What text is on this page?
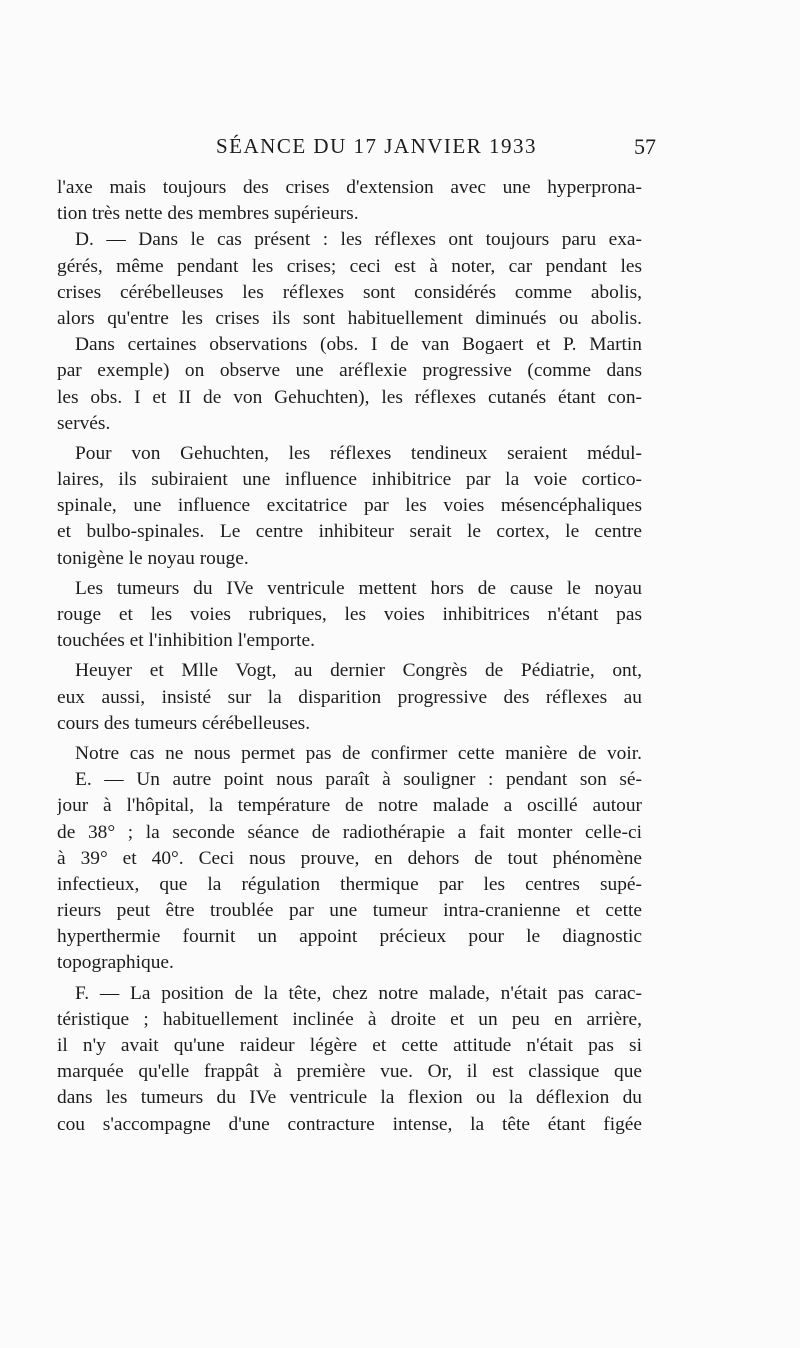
SÉANCE DU 17 JANVIER 1933	57
l'axe mais toujours des crises d'extension avec une hyperprona-
tion très nette des membres supérieurs.
D. — Dans le cas présent : les réflexes ont toujours paru exa-
gérés, même pendant les crises; ceci est à noter, car pendant les
crises cérébelleuses les réflexes sont considérés comme abolis,
alors qu'entre les crises ils sont habituellement diminués ou abolis.
Dans certaines observations (obs. I de van Bogaert et P. Martin
par exemple) on observe une aréflexie progressive (comme dans
les obs. I et II de von Gehuchten), les réflexes cutanés étant con-
servés.
Pour von Gehuchten, les réflexes tendineux seraient médul-
laires, ils subiraient une influence inhibitrice par la voie cortico-
spinale, une influence excitatrice par les voies mésencéphaliques
et bulbo-spinales. Le centre inhibiteur serait le cortex, le centre
tonigène le noyau rouge.
Les tumeurs du IVe ventricule mettent hors de cause le noyau
rouge et les voies rubriques, les voies inhibitrices n'étant pas
touchées et l'inhibition l'emporte.
Heuyer et Mlle Vogt, au dernier Congrès de Pédiatrie, ont,
eux aussi, insisté sur la disparition progressive des réflexes au
cours des tumeurs cérébelleuses.
Notre cas ne nous permet pas de confirmer cette manière de voir.
E. — Un autre point nous paraît à souligner : pendant son sé-
jour à l'hôpital, la température de notre malade a oscillé autour
de 38° ; la seconde séance de radiothérapie a fait monter celle-ci
à 39° et 40°. Ceci nous prouve, en dehors de tout phénomène
infectieux, que la régulation thermique par les centres supé-
rieurs peut être troublée par une tumeur intra-cranienne et cette
hyperthermie fournit un appoint précieux pour le diagnostic
topographique.
F. — La position de la tête, chez notre malade, n'était pas carac-
téristique ; habituellement inclinée à droite et un peu en arrière,
il n'y avait qu'une raideur légère et cette attitude n'était pas si
marquée qu'elle frappât à première vue. Or, il est classique que
dans les tumeurs du IVe ventricule la flexion ou la déflexion du
cou s'accompagne d'une contracture intense, la tête étant figée
